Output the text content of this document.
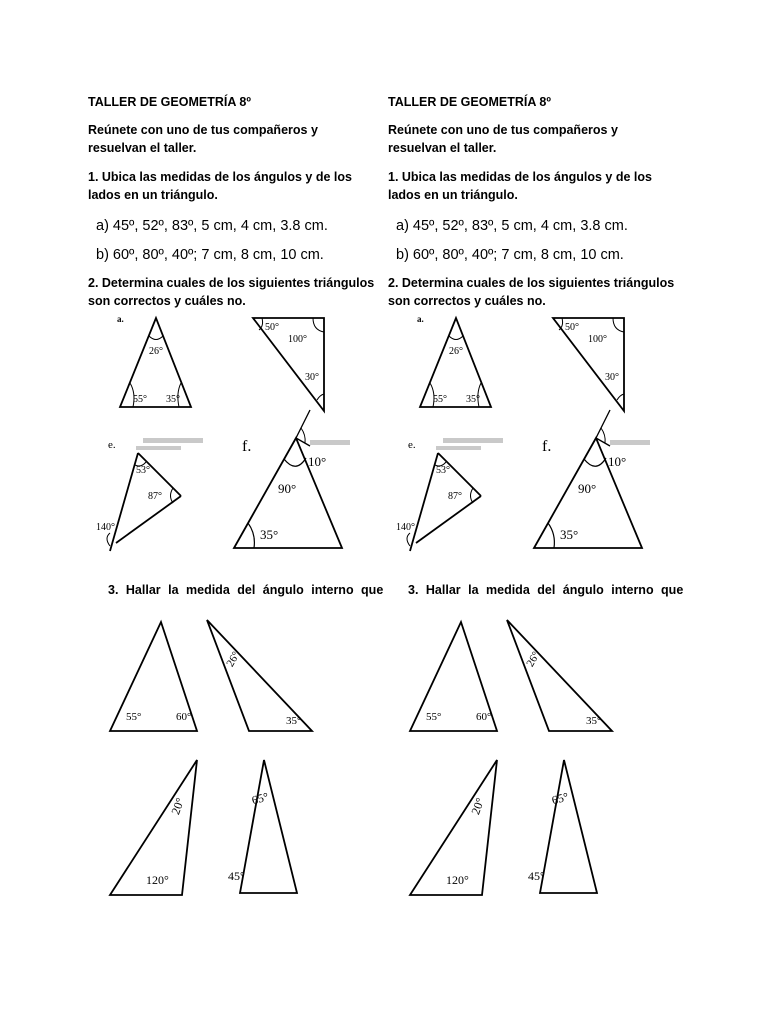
TALLER DE GEOMETRÍA 8º
Reúnete con uno de tus compañeros y
resuelvan el taller.
1. Ubica las medidas de los ángulos y de los
lados en un triángulo.
a) 45º, 52º, 83º, 5 cm, 4 cm, 3.8 cm.
b) 60º, 80º, 40º; 7 cm, 8 cm, 10 cm.
2. Determina cuales de los siguientes triángulos
son correctos y cuáles no.
3. Hallar la medida del ángulo interno que
a.
26°
55° 35°
50°
100°
30°
e.
53°
87°
140°
f.
10°
90°
35°
55°	60°
26°
35°
20°
120°
65°
45°
TALLER DE GEOMETRÍA 8º
Reúnete con uno de tus compañeros y
resuelvan el taller.
1. Ubica las medidas de los ángulos y de los
lados en un triángulo.
a) 45º, 52º, 83º, 5 cm, 4 cm, 3.8 cm.
b) 60º, 80º, 40º; 7 cm, 8 cm, 10 cm.
2. Determina cuales de los siguientes triángulos
son correctos y cuáles no.
3. Hallar la medida del ángulo interno que
a.
26°
55° 35°
50°
100°
30°
e.
53°
87°
140°
f.
10°
90°
35°
55°	60°
26°
35°
20°
120°
65°
45°
